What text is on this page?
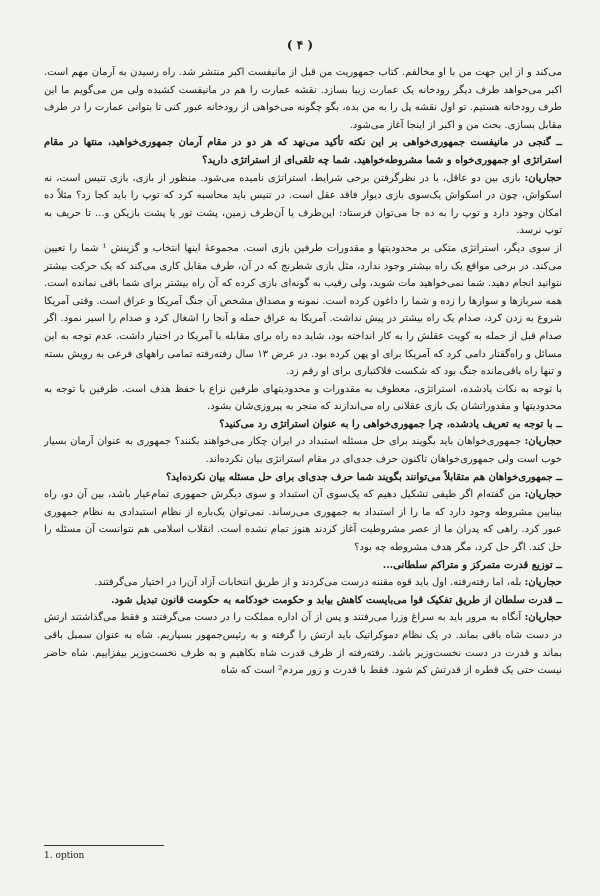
( ۴ )

می‌کند و از این جهت من با او مخالفم. کتاب جمهوریت من قبل از مانیفست اکبر منتشر شد. راه رسیدن به آرمان مهم است. اکبر می‌خواهد طرف دیگر رودخانه یک عمارت زیبا بسازد. نقشه عمارت را هم در مانیفست کشیده ولی من می‌گویم ما این طرف رودخانه هستیم. تو اول نقشه پل را به من بده، بگو چگونه می‌خواهی از رودخانه عبور کنی تا بتوانی عمارت را در طرف مقابل بسازی. بحث من و اکبر از اینجا آغاز می‌شود.

ــ گنجی در مانیفست جمهوری‌خواهی بر این نکته تأکید می‌نهد که هر دو در مقام آرمان جمهوری‌خواهید، منتها در مقام استراتژی او جمهوری‌خواه و شما مشروطه‌خواهید. شما چه تلقی‌ای از استراتژی دارید؟

حجاریان: بازی بین دو عاقل، با در نظرگرفتن برخی شرایط، استراتژی نامیده می‌شود. منظور از بازی، بازی تنیس است، نه اسکواش، چون در اسکواش یک‌سوی بازی دیوار فاقد عقل است. در تنیس باید محاسبه کرد که توپ را باید کجا زد؟ مثلاً ده امکان وجود دارد و توپ را به ده جا می‌توان فرستاد: این‌طرف یا آن‌طرف زمین، پشت تور یا پشت بازیکن و... تا حریف به توپ نرسد.

از سوی دیگر، استراتژی متکی بر محدودیتها و مقدورات طرفین بازی است. مجموعهٔ اینها انتخاب و گزینش ¹ شما را تعیین می‌کند. در برخی مواقع یک راه بیشتر وجود ندارد، مثل بازی شطرنج که در آن، طرف مقابل کاری می‌کند که یک حرکت بیشتر نتوانید انجام دهید. شما نمی‌خواهید مات شوید، ولی رقیب به گونه‌ای بازی کرده که آن راه بیشتر برای شما باقی نمانده است. همه سربازها و سوارها را زده و شما را داغون کرده است. نمونه و مصداق مشخص آن جنگ آمریکا و عراق است. وقتی آمریکا شروع به زدن کرد، صدام یک راه بیشتر در پیش نداشت. آمریکا به عراق حمله و آنجا را اشغال کرد و صدام را اسیر نمود. اگر صدام قبل از حمله به کویت عقلش را به کار انداخته بود، شاید ده راه برای مقابله با آمریکا در اختیار داشت. عدم توجه به این مسائل و راه‌گفتار دامی کرد که آمریکا برای او پهن کرده بود. در عرض ۱۳ سال رفته‌رفته تمامی راههای فرعی به رویش بسته و تنها راه باقی‌مانده جنگ بود که شکست فلاکتباری برای او رقم زد.

با توجه به نکات یادشده، استراتژی، معطوف به مقدورات و محدودیتهای طرفین نزاع با حفظ هدف است. طرفین با توجه به محدودیتها و مقدوراتشان یک بازی عقلانی راه می‌اندازند که منجر به پیروزی‌شان بشود.

ــ با توجه به تعریف یادشده، چرا جمهوری‌خواهی را به عنوان استراتژی رد می‌کنید؟

حجاریان: جمهوری‌خواهان باید بگویند برای حل مسئله استبداد در ایران چکار می‌خواهند بکنند؟ جمهوری به عنوان آرمان بسیار خوب است ولی جمهوری‌خواهان تاکنون حرف جدی‌ای در مقام استراتژی بیان نکرده‌اند.

ــ جمهوری‌خواهان هم متقابلاً می‌توانند بگویند شما حرف جدی‌ای برای حل مسئله بیان نکرده‌اید؟

حجاریان: من گفته‌ام اگر طیفی تشکیل دهیم که یک‌سوی آن استبداد و سوی دیگرش جمهوری تمام‌عیار باشد، بین آن دو، راه بینابین مشروطه وجود دارد که ما را از استبداد به جمهوری می‌رساند. نمی‌توان یک‌باره از نظام استبدادی به نظام جمهوری عبور کرد. راهی که پدران ما از عصر مشروطیت آغاز کردند هنوز تمام نشده است. انقلاب اسلامی هم نتوانست آن مسئله را حل کند. اگر حل کرد، مگر هدف مشروطه چه بود؟

ــ توزیع قدرت متمرکز و متراکم سلطانی...

حجاریان: بله، اما رفته‌رفته. اول باید قوه مقننه درست می‌کردند و از طریق انتخابات آزاد آن‌را در اختیار می‌گرفتند.

ــ قدرت سلطان از طریق تفکیک قوا می‌بایست کاهش بیابد و حکومت خودکامه به حکومت قانون تبدیل شود.

حجاریان: آنگاه به مرور باید به سراغ وزرا می‌رفتند و پس از آن اداره مملکت را در دست می‌گرفتند و فقط می‌گذاشتند ارتش در دست شاه باقی بماند. در یک نظام دموکراتیک باید ارتش را گرفته و به رئیس‌جمهور بسپاریم. شاه به عنوان سمبل باقی بماند و قدرت در دست نخست‌وزیر باشد. رفته‌رفته از ظرف قدرت شاه بکاهیم و به ظرف نخست‌وزیر بیفزاییم. شاه حاضر نیست حتی یک قطره از قدرتش کم شود. فقط با قدرت و زور مردم² است که شاه

1. option
